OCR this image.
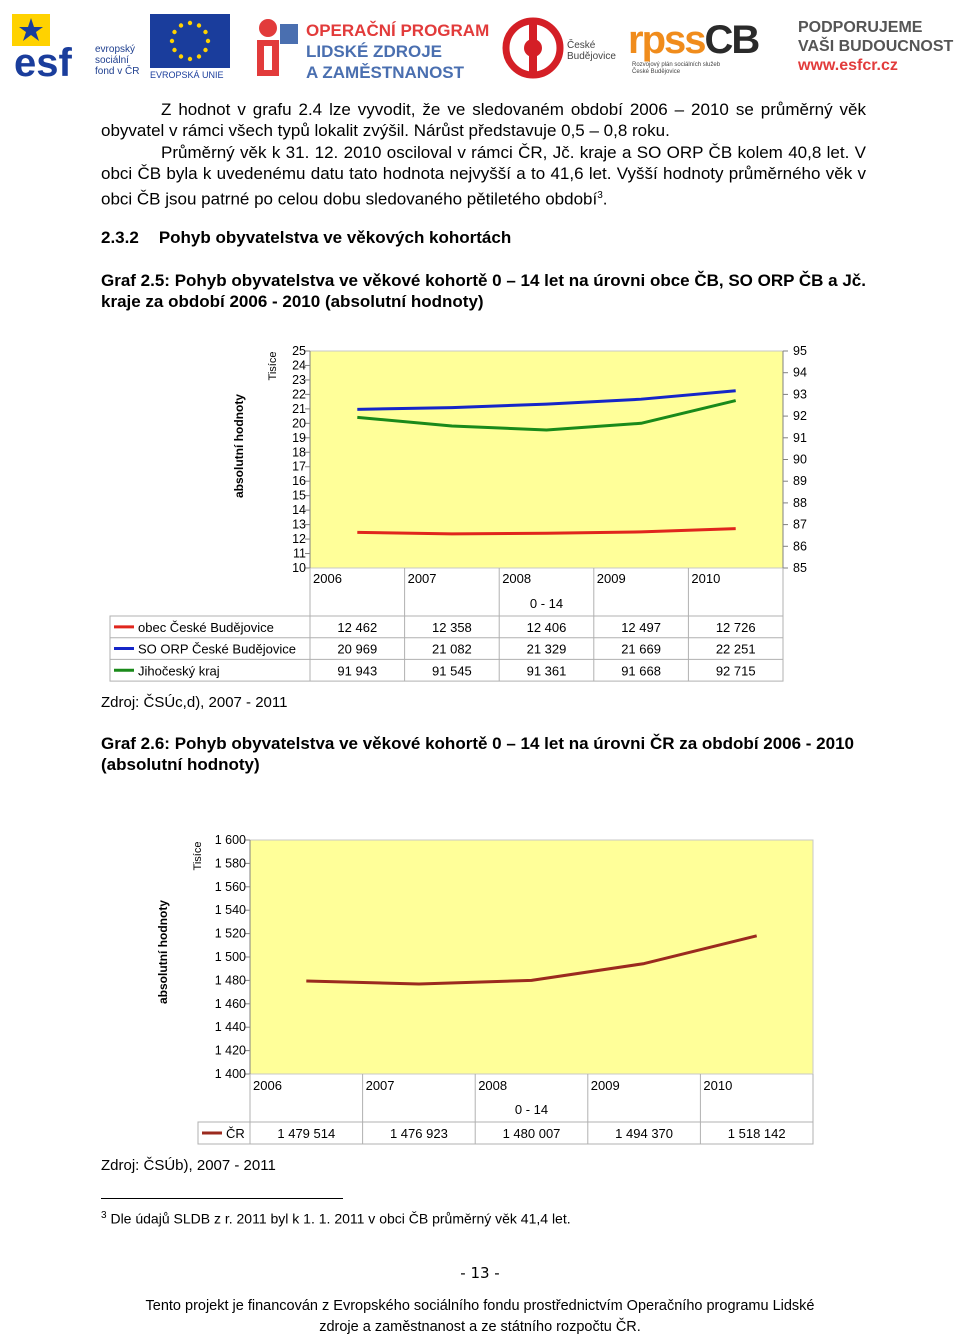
esf evropský
sociální
fond v ČR EVROPSKÁ UNIE
OPERAČNÍ PROGRAM
LIDSKÉ ZDROJE
A ZAMĚSTNANOST
České
Budějovice rpssCB
Rozvojový plán sociálních služeb
České Budějovice
PODPORUJEME
VAŠI BUDOUCNOST
www.esfcr.cz

Z hodnot v grafu 2.4 lze vyvodit, že ve sledovaném období 2006 – 2010 se průměrný věk obyvatel v rámci všech typů lokalit zvýšil. Nárůst představuje 0,5 – 0,8 roku.

Průměrný věk k 31. 12. 2010 osciloval v rámci ČR, Jč. kraje a SO ORP ČB kolem 40,8 let. V obci ČB byla k uvedenému datu tato hodnota nejvyšší a to 41,6 let. Vyšší hodnoty průměrného věk v obci ČB jsou patrné po celou dobu sledovaného pětiletého období$^3$.

2.3.2 Pohyb obyvatelstva ve věkových kohortách
Graf 2.5: Pohyb obyvatelstva ve věkové kohortě 0 – 14 let na úrovni obce ČB, SO ORP ČB a Jč. kraje za období 2006 - 2010 (absolutní hodnoty)
25
24
23
22
21
20
19
18
17
16
15
14
13
12
11
10
95
94
93
92
91
90
89
88
87
86
85
Tisíce
absolutní hodnoty
2006	2007	2008	2009	2010
0 - 14
obec České Budějovice	12 462	12 358	12 406	12 497	12 726
SO ORP České Budějovice	20 969	21 082	21 329	21 669	22 251
Jihočeský kraj	91 943	91 545	91 361	91 668	92 715
Zdroj: ČSÚc,d), 2007 - 2011
Graf 2.6: Pohyb obyvatelstva ve věkové kohortě 0 – 14 let na úrovni ČR za období 2006 - 2010 (absolutní hodnoty)
1 600
1 580
1 560
1 540
1 520
1 500
1 480
1 460
1 440
1 420
1 400
Tisíce
absolutní hodnoty
2006	2007	2008	2009	2010
0 - 14
ČR	1 479 514	1 476 923	1 480 007	1 494 370	1 518 142
Zdroj: ČSÚb), 2007 - 2011
$^3$ Dle údajů SLDB z r. 2011 byl k 1. 1. 2011 v obci ČB průměrný věk 41,4 let.
- 13 -
Tento projekt je financován z Evropského sociálního fondu prostřednictvím Operačního programu Lidské
zdroje a zaměstnanost a ze státního rozpočtu ČR.
